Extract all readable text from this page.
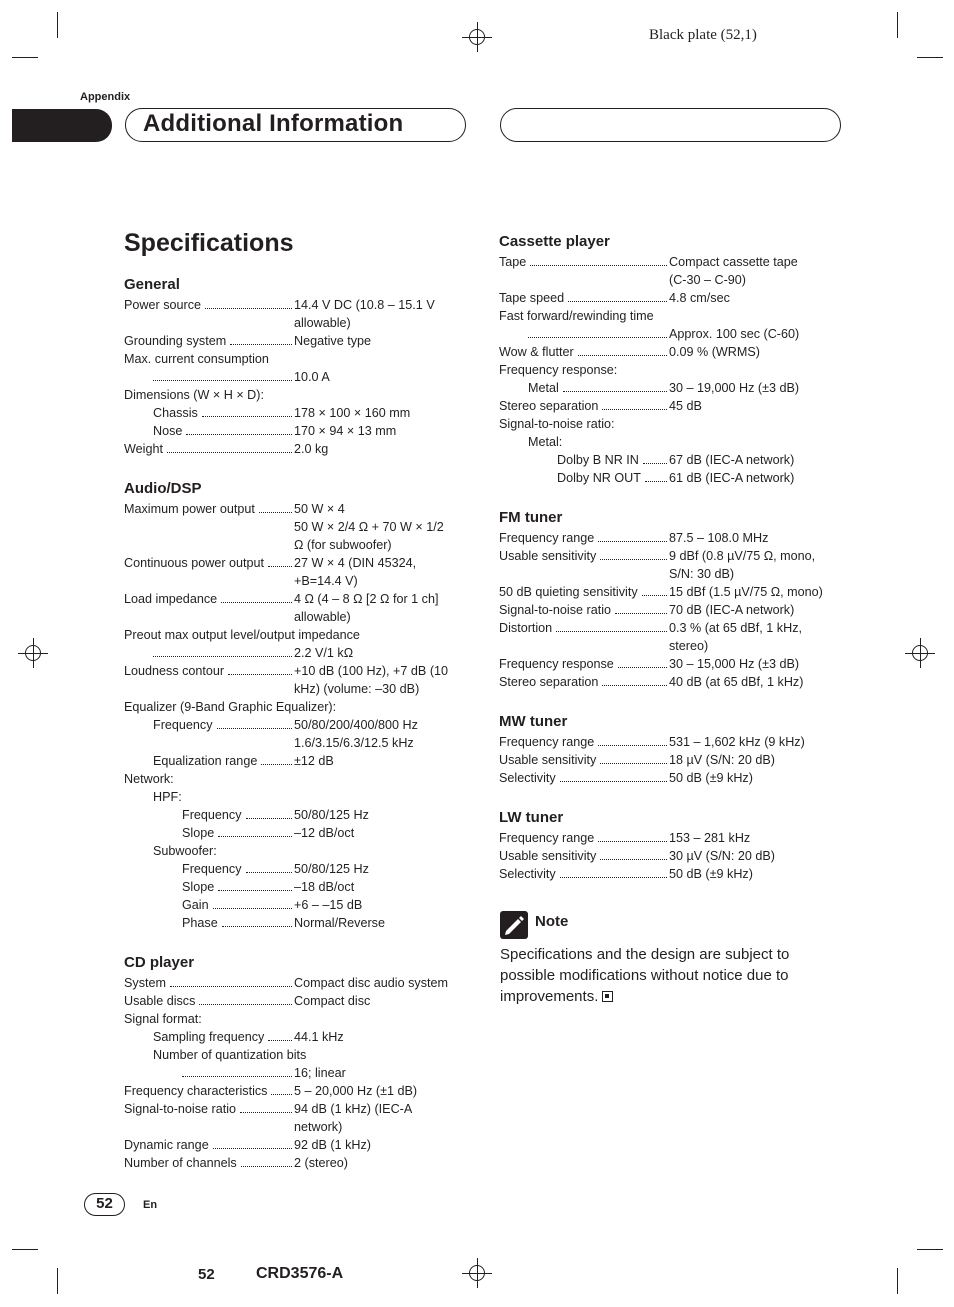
Black plate (52,1)
Appendix
Additional Information
Specifications
General
Power source	14.4 V DC (10.8 – 15.1 V
allowable)
Grounding system	Negative type
Max. current consumption
10.0 A
Dimensions (W × H × D):
Chassis	178 × 100 × 160 mm
Nose	170 × 94 × 13 mm
Weight	2.0 kg
Audio/DSP
Maximum power output	50 W × 4
50 W × 2/4 Ω + 70 W × 1/2
Ω (for subwoofer)
Continuous power output 27 W × 4 (DIN 45324,
+B=14.4 V)
Load impedance	4 Ω (4 – 8 Ω [2 Ω for 1 ch]
allowable)
Preout max output level/output impedance
2.2 V/1 kΩ
Loudness contour	+10 dB (100 Hz), +7 dB (10
kHz) (volume: –30 dB)
Equalizer (9-Band Graphic Equalizer):
Frequency	50/80/200/400/800 Hz
1.6/3.15/6.3/12.5 kHz
Equalization range	±12 dB
Network:
HPF:
Frequency	50/80/125 Hz
Slope	–12 dB/oct
Subwoofer:
Frequency	50/80/125 Hz
Slope	–18 dB/oct
Gain	+6 – –15 dB
Phase	Normal/Reverse
CD player
System	Compact disc audio system
Usable discs	Compact disc
Signal format:
Sampling frequency 44.1 kHz
Number of quantization bits
16; linear
Frequency characteristics 5 – 20,000 Hz (±1 dB)
Signal-to-noise ratio	94 dB (1 kHz) (IEC-A
network)
Dynamic range	92 dB (1 kHz)
Number of channels	2 (stereo)
Cassette player
Tape	Compact cassette tape
(C-30 – C-90)
Tape speed	4.8 cm/sec
Fast forward/rewinding time
Approx. 100 sec (C-60)
Wow & flutter	0.09 % (WRMS)
Frequency response:
Metal	30 – 19,000 Hz (±3 dB)
Stereo separation	45 dB
Signal-to-noise ratio:
Metal:
Dolby B NR IN 67 dB (IEC-A network)
Dolby NR OUT 61 dB (IEC-A network)
FM tuner
Frequency range	87.5 – 108.0 MHz
Usable sensitivity	9 dBf (0.8 µV/75 Ω, mono,
S/N: 30 dB)
50 dB quieting sensitivity 15 dBf (1.5 µV/75 Ω, mono)
Signal-to-noise ratio	70 dB (IEC-A network)
Distortion	0.3 % (at 65 dBf, 1 kHz,
stereo)
Frequency response	30 – 15,000 Hz (±3 dB)
Stereo separation	40 dB (at 65 dBf, 1 kHz)
MW tuner
Frequency range	531 – 1,602 kHz (9 kHz)
Usable sensitivity	18 µV (S/N: 20 dB)
Selectivity	50 dB (±9 kHz)
LW tuner
Frequency range	153 – 281 kHz
Usable sensitivity	30 µV (S/N: 20 dB)
Selectivity	50 dB (±9 kHz)
Note
Specifications and the design are subject to possible modifications without notice due to improvements.
52	En
52	CRD3576-A
